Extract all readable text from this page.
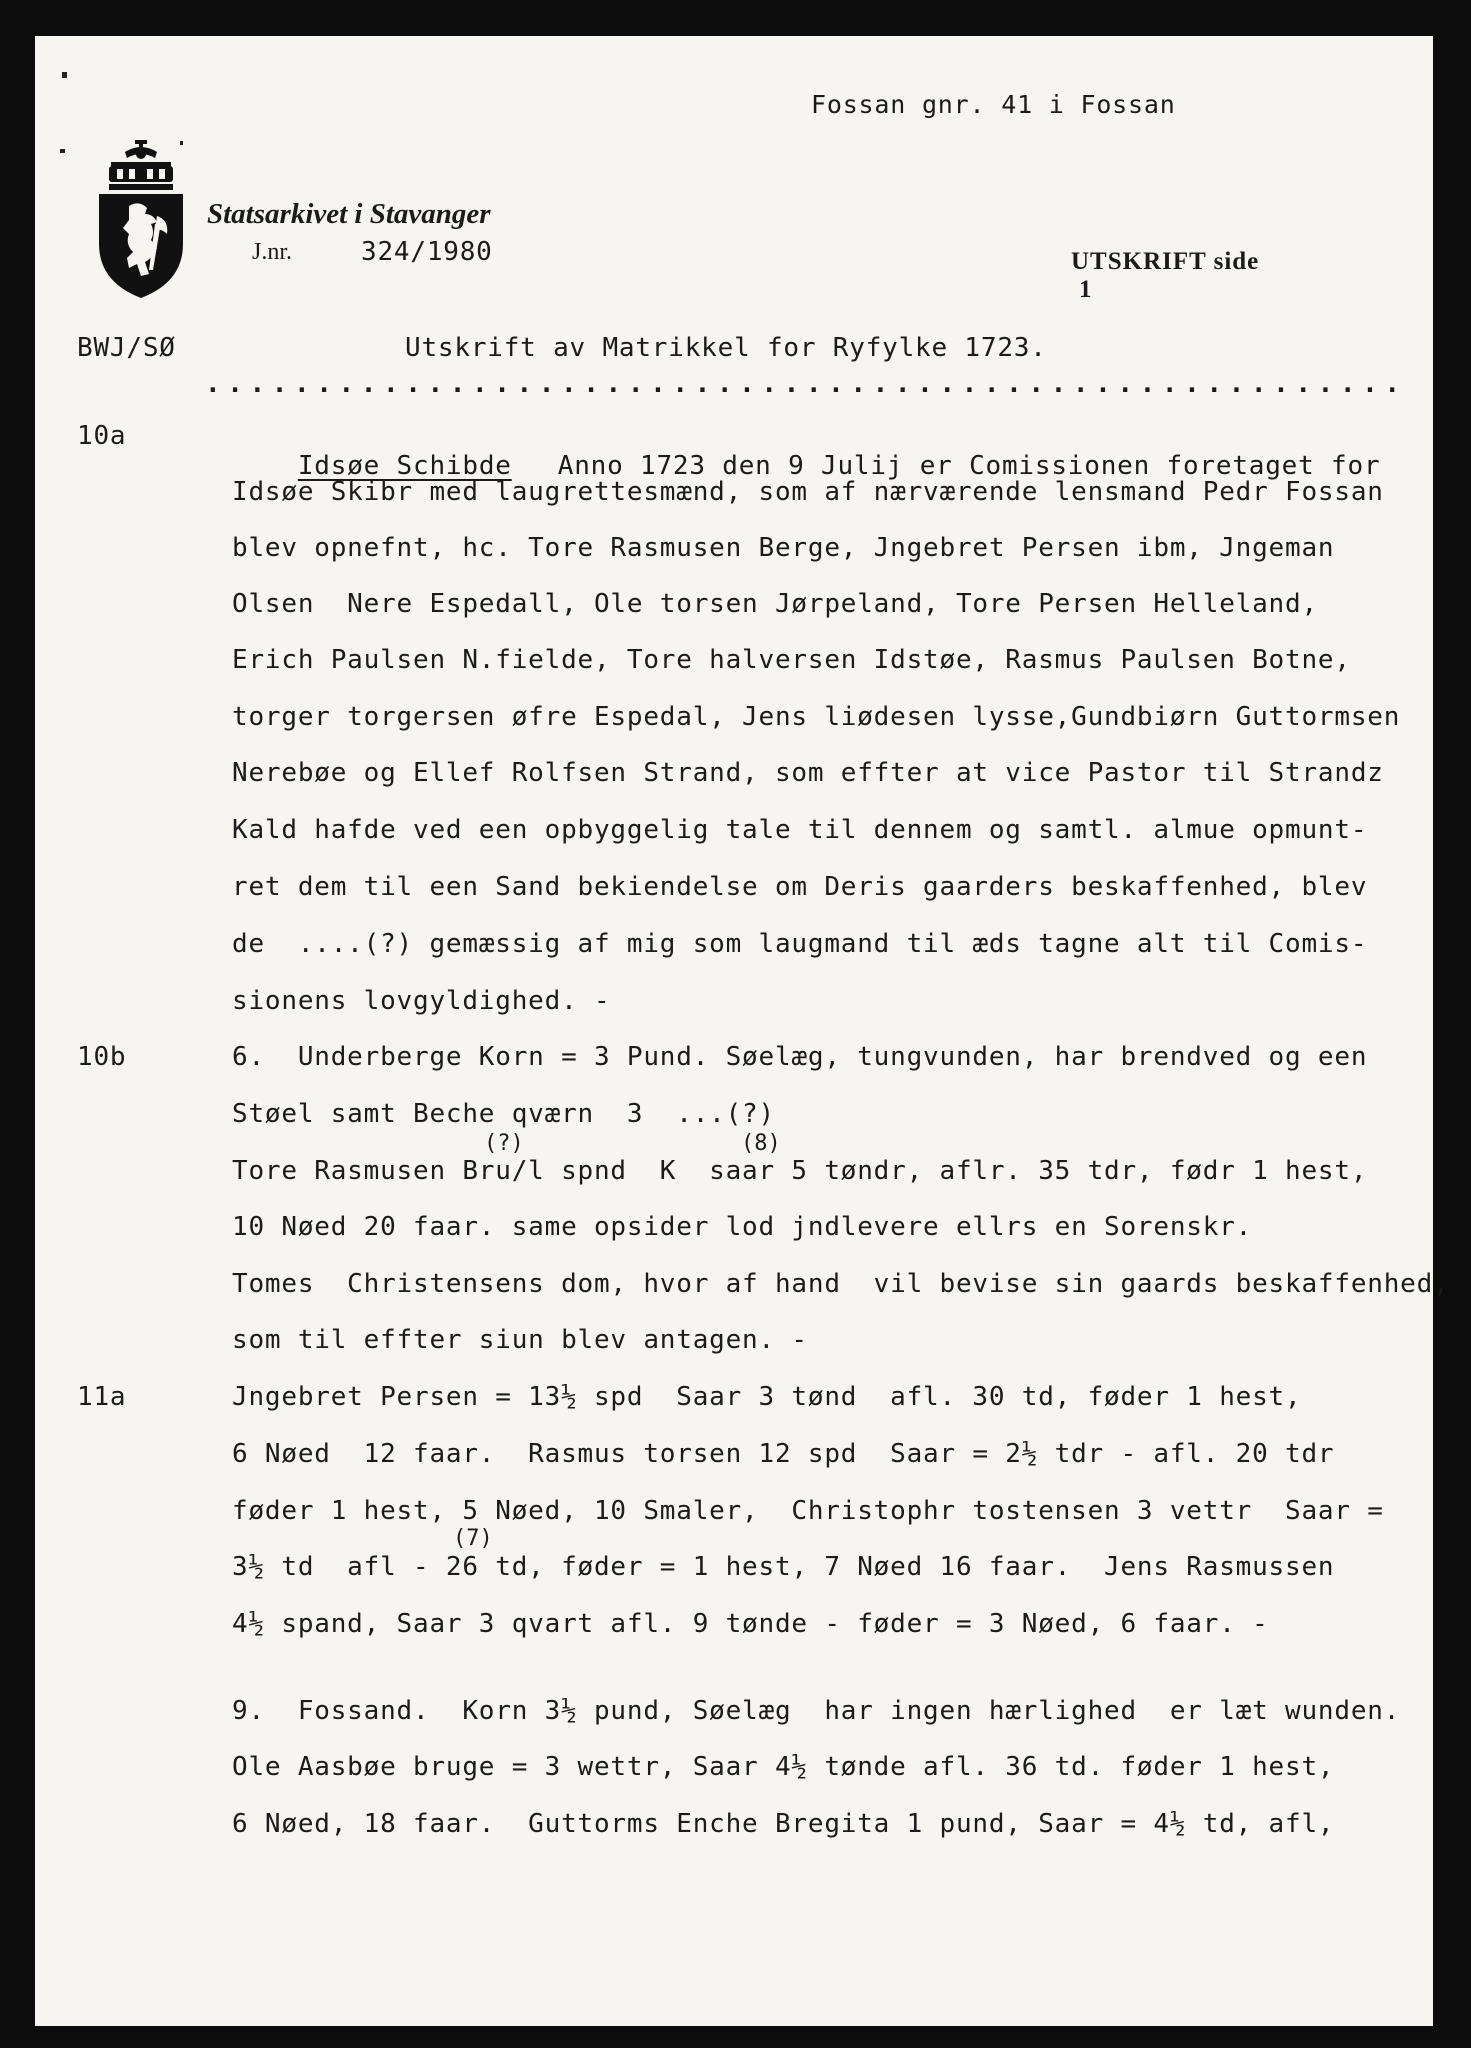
Fossan gnr. 41 i Fossan
Statsarkivet i Stavanger
J.nr.	324/1980	UTSKRIFT side
1

BWJ/SØ	Utskrift av Matrikkel for Ryfylke 1723.
......................................................
10a
10b
11a

Idsøe Schibde Anno 1723 den 9 Julij er Comissionen foretaget for

Idsøe Skibr med laugrettesmænd, som af nærværende lensmand Pedr Fossan
blev opnefnt, hc. Tore Rasmusen Berge, Jngebret Persen ibm, Jngeman
Olsen  Nere Espedall, Ole torsen Jørpeland, Tore Persen Helleland,
Erich Paulsen N.fielde, Tore halversen Idstøe, Rasmus Paulsen Botne,
torger torgersen øfre Espedal, Jens liødesen lysse,Gundbiørn Guttormsen
Nerebøe og Ellef Rolfsen Strand, som effter at vice Pastor til Strandz
Kald hafde ved een opbyggelig tale til dennem og samtl. almue opmunt-
ret dem til een Sand bekiendelse om Deris gaarders beskaffenhed, blev
de  ....(?) gemæssig af mig som laugmand til æds tagne alt til Comis-
sionens lovgyldighed. -
6.  Underberge Korn = 3 Pund. Søelæg, tungvunden, har brendved og een
Støel samt Beche qværn  3  ...(?)
(?)	(8)
Tore Rasmusen Bru/l spnd  K  saar 5 tøndr, aflr. 35 tdr, fødr 1 hest,
10 Nøed 20 faar. same opsider lod jndlevere ellrs en Sorenskr.
Tomes  Christensens dom, hvor af hand  vil bevise sin gaards beskaffenhed,
som til effter siun blev antagen. -
Jngebret Persen = 13½ spd  Saar 3 tønd  afl. 30 td, føder 1 hest,
6 Nøed  12 faar.  Rasmus torsen 12 spd  Saar = 2½ tdr - afl. 20 tdr
føder 1 hest, 5 Nøed, 10 Smaler,  Christophr tostensen 3 vettr  Saar =
(7)
3½ td  afl - 26 td, føder = 1 hest, 7 Nøed 16 faar.  Jens Rasmussen
4½ spand, Saar 3 qvart afl. 9 tønde - føder = 3 Nøed, 6 faar. -
9.  Fossand.  Korn 3½ pund, Søelæg  har ingen hærlighed  er læt wunden.
Ole Aasbøe bruge = 3 wettr, Saar 4½ tønde afl. 36 td. føder 1 hest,
6 Nøed, 18 faar.  Guttorms Enche Bregita 1 pund, Saar = 4½ td, afl,
